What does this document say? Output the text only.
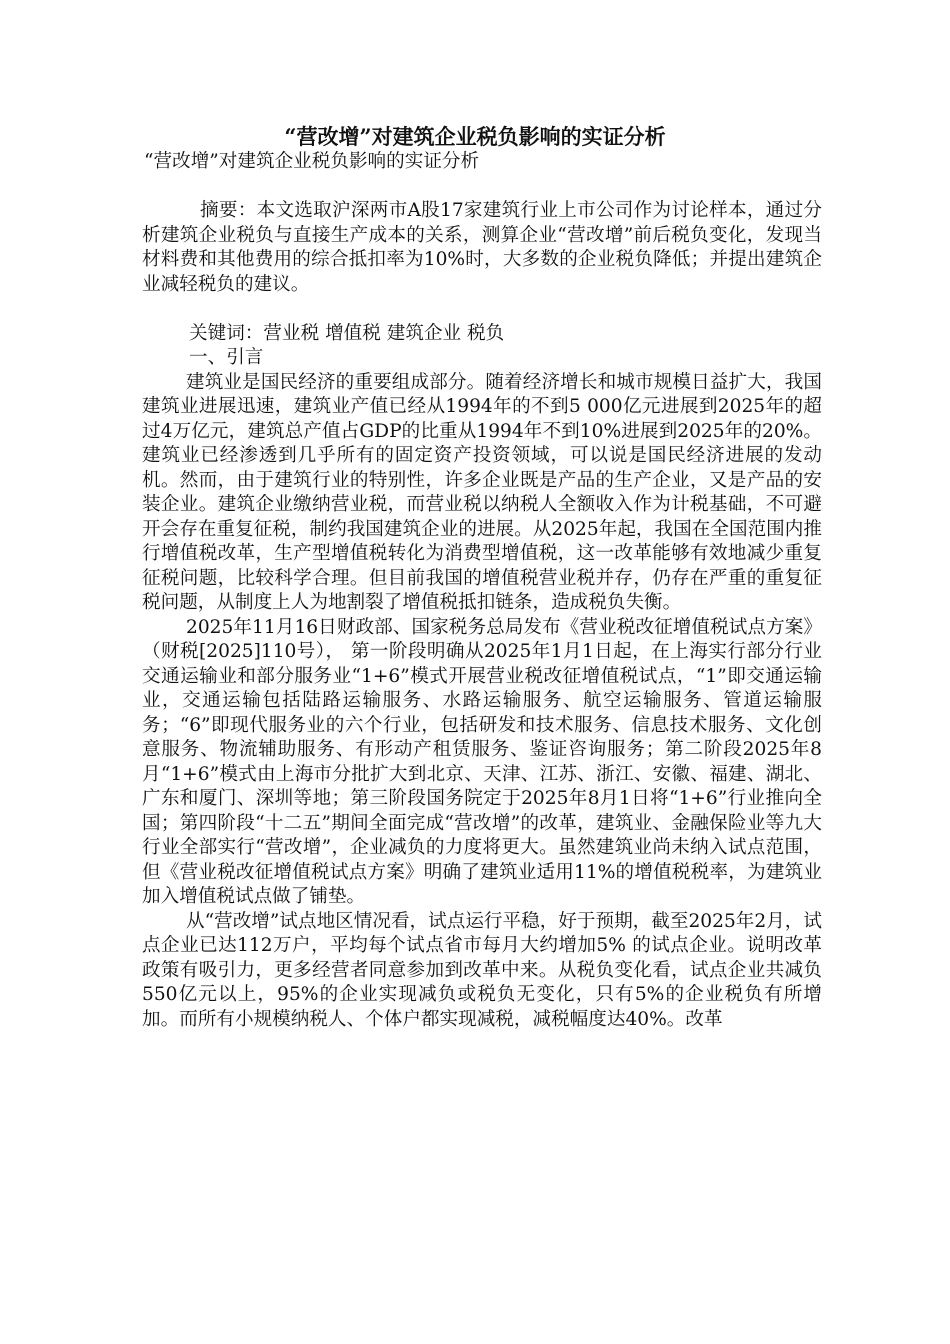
“营改增”对建筑企业税负影响的实证分析

“营改增”对建筑企业税负影响的实证分析

摘要：本文选取沪深两市A股17家建筑行业上市公司作为讨论样本，通过分析建筑企业税负与直接生产成本的关系，测算企业“营改增”前后税负变化，发现当材料费和其他费用的综合抵扣率为10%时，大多数的企业税负降低；并提出建筑企业减轻税负的建议。

关键词：营业税 增值税 建筑企业 税负

一、引言

建筑业是国民经济的重要组成部分。随着经济增长和城市规模日益扩大，我国建筑业进展迅速，建筑业产值已经从1994年的不到5 000亿元进展到2025年的超过4万亿元，建筑总产值占GDP的比重从1994年不到10%进展到2025年的20%。建筑业已经渗透到几乎所有的固定资产投资领域，可以说是国民经济进展的发动机。然而，由于建筑行业的特别性，许多企业既是产品的生产企业，又是产品的安装企业。建筑企业缴纳营业税，而营业税以纳税人全额收入作为计税基础，不可避开会存在重复征税，制约我国建筑企业的进展。从2025年起，我国在全国范围内推行增值税改革，生产型增值税转化为消费型增值税，这一改革能够有效地减少重复征税问题，比较科学合理。但目前我国的增值税营业税并存，仍存在严重的重复征税问题，从制度上人为地割裂了增值税抵扣链条，造成税负失衡。

2025年11月16日财政部、国家税务总局发布《营业税改征增值税试点方案》（财税[2025]110号）， 第一阶段明确从2025年1月1日起，在上海实行部分行业交通运输业和部分服务业“1+6”模式开展营业税改征增值税试点，“1”即交通运输业，交通运输包括陆路运输服务、水路运输服务、航空运输服务、管道运输服务；“6”即现代服务业的六个行业，包括研发和技术服务、信息技术服务、文化创意服务、物流辅助服务、有形动产租赁服务、鉴证咨询服务；第二阶段2025年8月“1+6”模式由上海市分批扩大到北京、天津、江苏、浙江、安徽、福建、湖北、广东和厦门、深圳等地；第三阶段国务院定于2025年8月1日将“1+6”行业推向全国；第四阶段“十二五”期间全面完成“营改增”的改革，建筑业、金融保险业等九大行业全部实行“营改增”，企业减负的力度将更大。虽然建筑业尚未纳入试点范围，但《营业税改征增值税试点方案》明确了建筑业适用11%的增值税税率，为建筑业加入增值税试点做了铺垫。

从“营改增”试点地区情况看，试点运行平稳，好于预期，截至2025年2月，试点企业已达112万户，平均每个试点省市每月大约增加5% 的试点企业。说明改革政策有吸引力，更多经营者同意参加到改革中来。从税负变化看，试点企业共减负550亿元以上，95%的企业实现减负或税负无变化，只有5%的企业税负有所增加。而所有小规模纳税人、个体户都实现减税，减税幅度达40%。改革
